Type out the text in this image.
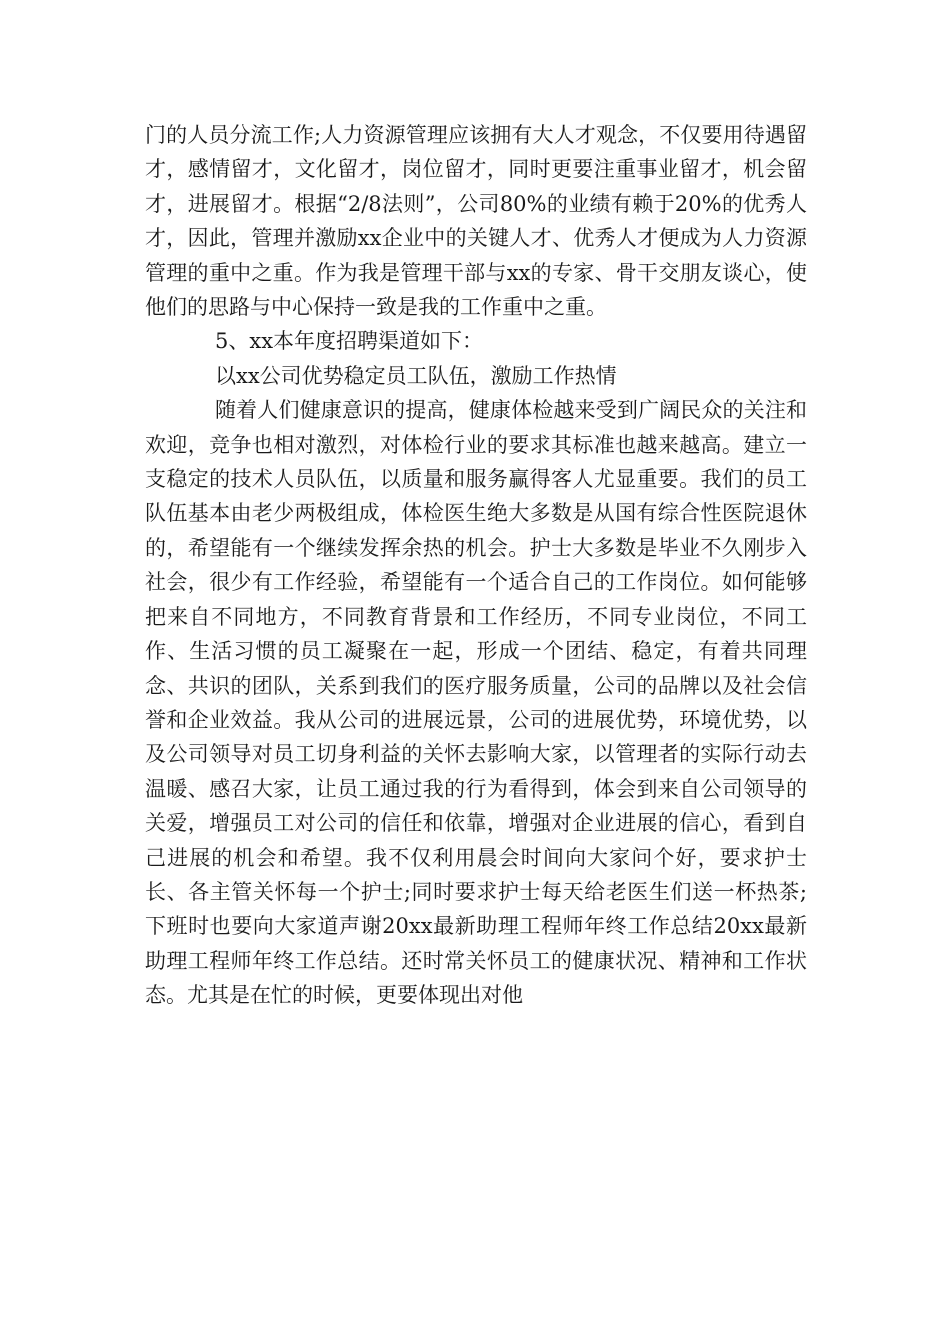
门的人员分流工作;人力资源管理应该拥有大人才观念，不仅要用待遇留才，感情留才，文化留才，岗位留才，同时更要注重事业留才，机会留才，进展留才。根据“2/8法则”，公司80%的业绩有赖于20%的优秀人才，因此，管理并激励xx企业中的关键人才、优秀人才便成为人力资源管理的重中之重。作为我是管理干部与xx的专家、骨干交朋友谈心，使他们的思路与中心保持一致是我的工作重中之重。

5、xx本年度招聘渠道如下：

以xx公司优势稳定员工队伍，激励工作热情

随着人们健康意识的提高，健康体检越来受到广阔民众的关注和欢迎，竞争也相对激烈，对体检行业的要求其标准也越来越高。建立一支稳定的技术人员队伍，以质量和服务赢得客人尤显重要。我们的员工队伍基本由老少两极组成，体检医生绝大多数是从国有综合性医院退休的，希望能有一个继续发挥余热的机会。护士大多数是毕业不久刚步入社会，很少有工作经验，希望能有一个适合自己的工作岗位。如何能够把来自不同地方，不同教育背景和工作经历，不同专业岗位，不同工作、生活习惯的员工凝聚在一起，形成一个团结、稳定，有着共同理念、共识的团队，关系到我们的医疗服务质量，公司的品牌以及社会信誉和企业效益。我从公司的进展远景，公司的进展优势，环境优势，以及公司领导对员工切身利益的关怀去影响大家，以管理者的实际行动去温暖、感召大家，让员工通过我的行为看得到，体会到来自公司领导的关爱，增强员工对公司的信任和依靠，增强对企业进展的信心，看到自己进展的机会和希望。我不仅利用晨会时间向大家问个好，要求护士长、各主管关怀每一个护士;同时要求护士每天给老医生们送一杯热茶;下班时也要向大家道声谢20xx最新助理工程师年终工作总结20xx最新助理工程师年终工作总结。还时常关怀员工的健康状况、精神和工作状态。尤其是在忙的时候，更要体现出对他
